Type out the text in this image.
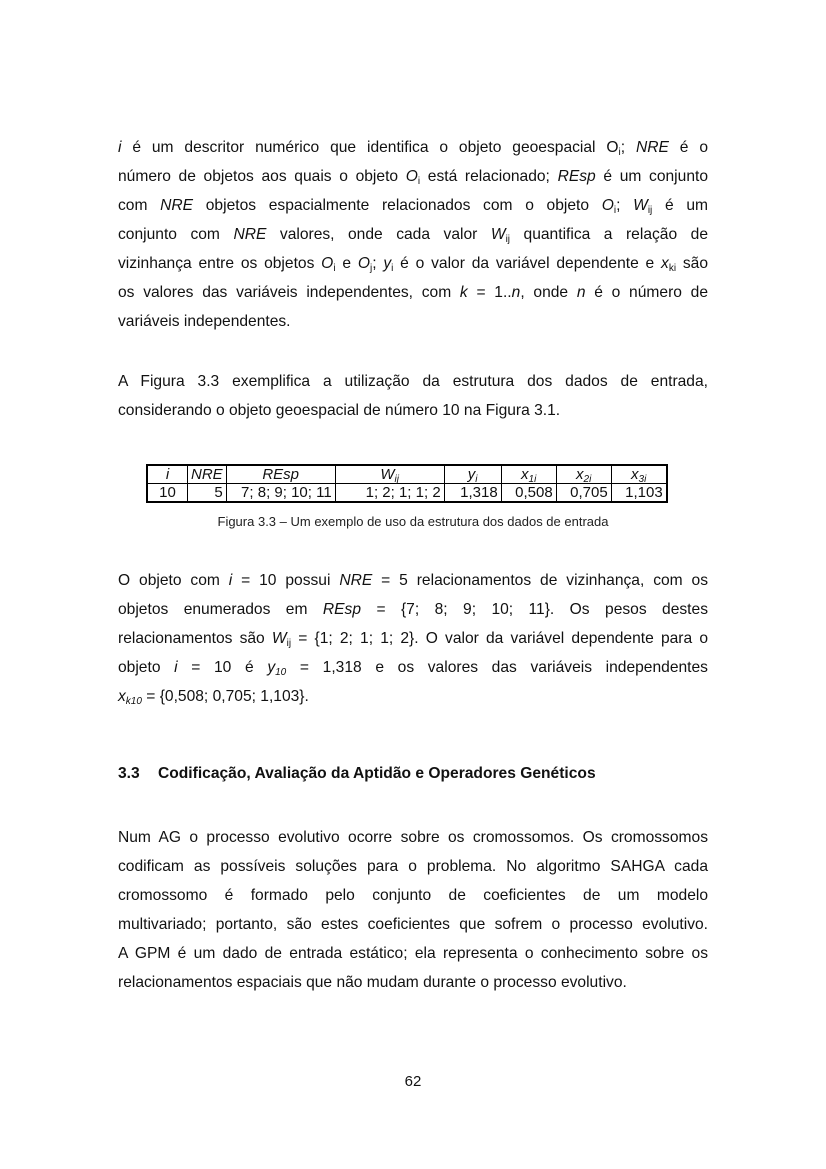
i é um descritor numérico que identifica o objeto geoespacial $O_i$; NRE é o
número de objetos aos quais o objeto $O_i$ está relacionado; REsp é um conjunto
com NRE objetos espacialmente relacionados com o objeto $O_i$; $W_{ij}$ é um
conjunto com NRE valores, onde cada valor $W_{ij}$ quantifica a relação de
vizinhança entre os objetos $O_i$ e $O_j$; $y_i$ é o valor da variável dependente e $x_{ki}$ são
os valores das variáveis independentes, com k = 1..n, onde n é o número de
variáveis independentes.
A Figura 3.3 exemplifica a utilização da estrutura dos dados de entrada,
considerando o objeto geoespacial de número 10 na Figura 3.1.
i	NRE	REsp	$W_{ij}$	$y_i$	$x_{1i}$	$x_{2i}$	$x_{3i}$
10	5	7; 8; 9; 10; 11	1; 2; 1; 1; 2	1,318	0,508	0,705	1,103
Figura 3.3 – Um exemplo de uso da estrutura dos dados de entrada
O objeto com i = 10 possui NRE = 5 relacionamentos de vizinhança, com os
objetos enumerados em REsp = {7; 8; 9; 10; 11}. Os pesos destes
relacionamentos são $W_{ij} = \{1$; 2; 1; 1; 2}. O valor da variável dependente para o
objeto i = 10 é $y_{10} = 1,318$ e os valores das variáveis independentes
$x_{k10} = \{0,508$; 0,705; 1,103}.
3.3 Codificação, Avaliação da Aptidão e Operadores Genéticos
Num AG o processo evolutivo ocorre sobre os cromossomos. Os cromossomos
codificam as possíveis soluções para o problema. No algoritmo SAHGA cada
cromossomo é formado pelo conjunto de coeficientes de um modelo
multivariado; portanto, são estes coeficientes que sofrem o processo evolutivo.
A GPM é um dado de entrada estático; ela representa o conhecimento sobre os
relacionamentos espaciais que não mudam durante o processo evolutivo.
62
